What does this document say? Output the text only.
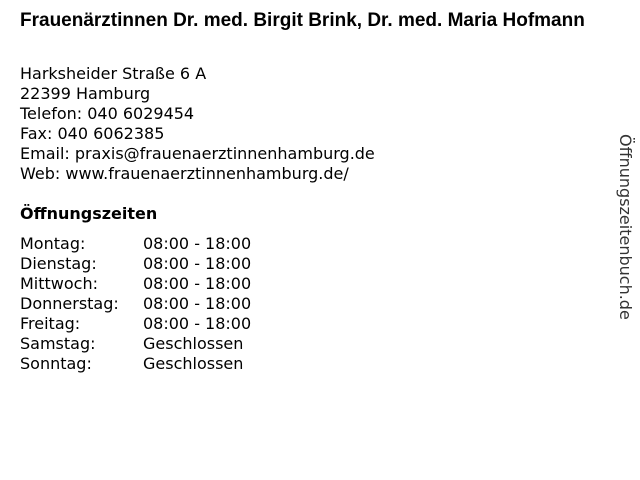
Frauenärztinnen Dr. med. Birgit Brink, Dr. med. Maria Hofmann
Harksheider Straße 6 A
22399 Hamburg
Telefon: 040 6029454
Fax: 040 6062385
Email: praxis@frauenaerztinnenhamburg.de
Web: www.frauenaerztinnenhamburg.de/
Öffnungszeiten
Montag:	08:00 - 18:00
Dienstag:	08:00 - 18:00
Mittwoch:	08:00 - 18:00
Donnerstag:	08:00 - 18:00
Freitag:	08:00 - 18:00
Samstag:	Geschlossen
Sonntag:	Geschlossen
Öffnungszeitenbuch.de
